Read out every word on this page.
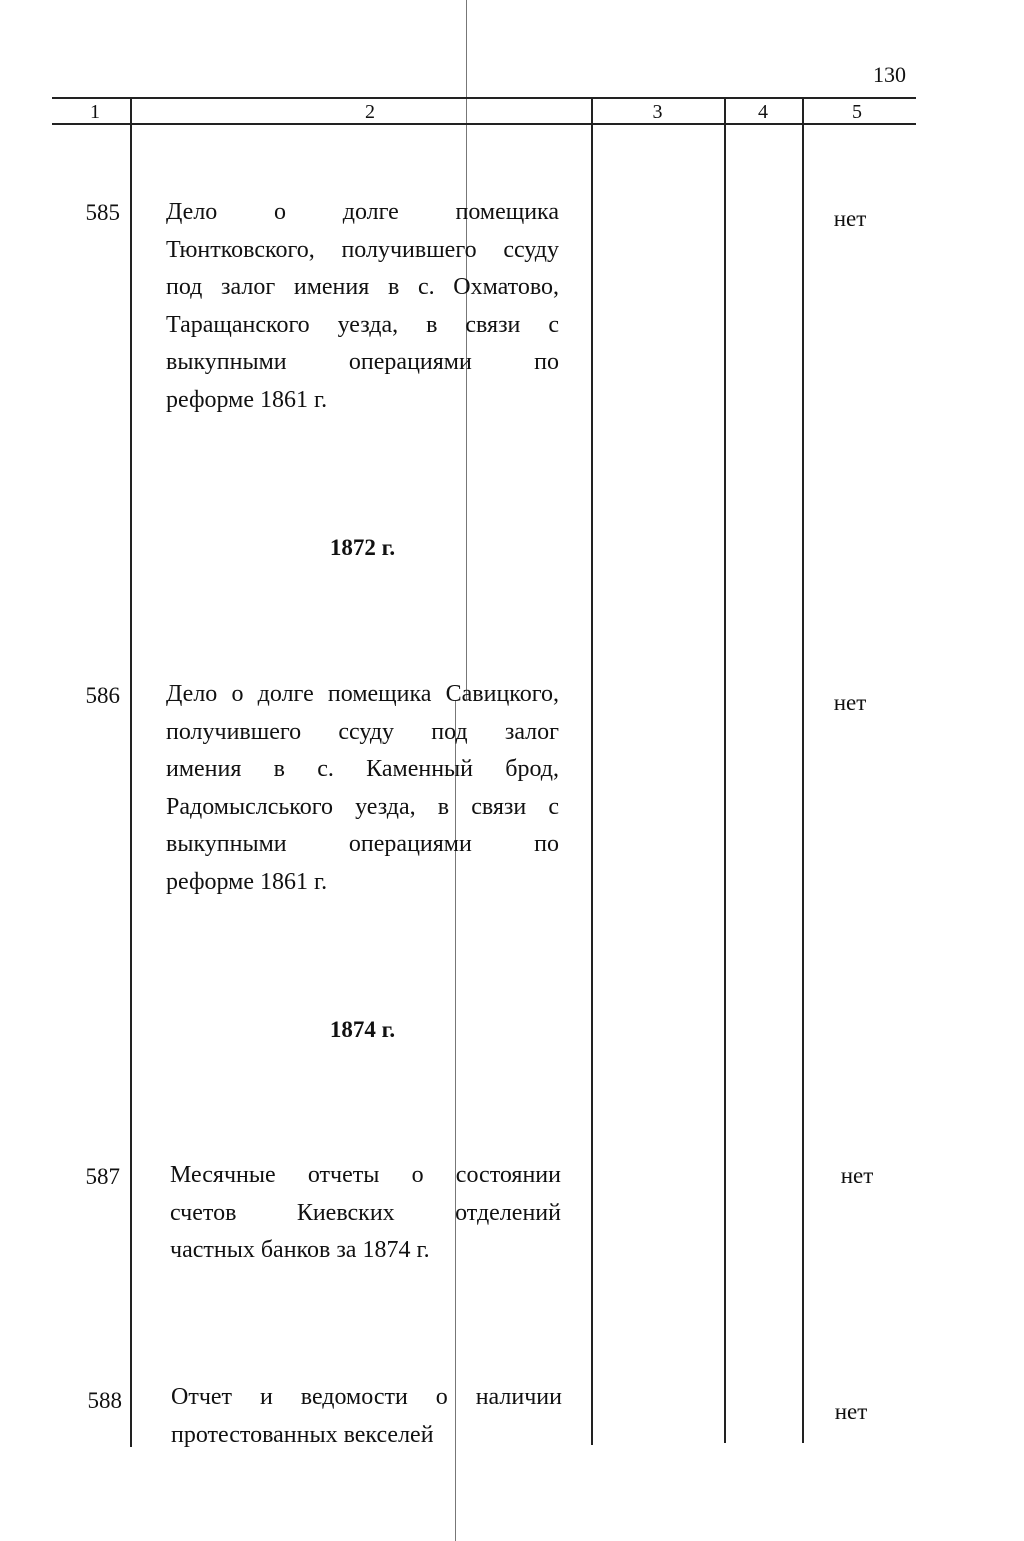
130
1	2	3	4	5
585 Дело о долге помещика
Тюнтковского, получившего ссуду
под залог имения в с. Охматово,
Таращанского уезда, в связи с
выкупными операциями по
реформе 1861 г.
нет
1872 г.
586 Дело о долге помещика Савицкого,
получившего ссуду под залог
имения в с. Каменный брод,
Радомыслського уезда, в связи с
выкупными операциями по
реформе 1861 г.
нет
1874 г.
587 Месячные отчеты о состоянии
счетов Киевских отделений
частных банков за 1874 г.
нет
588 Отчет и ведомости о наличии
протестованных векселей
нет
